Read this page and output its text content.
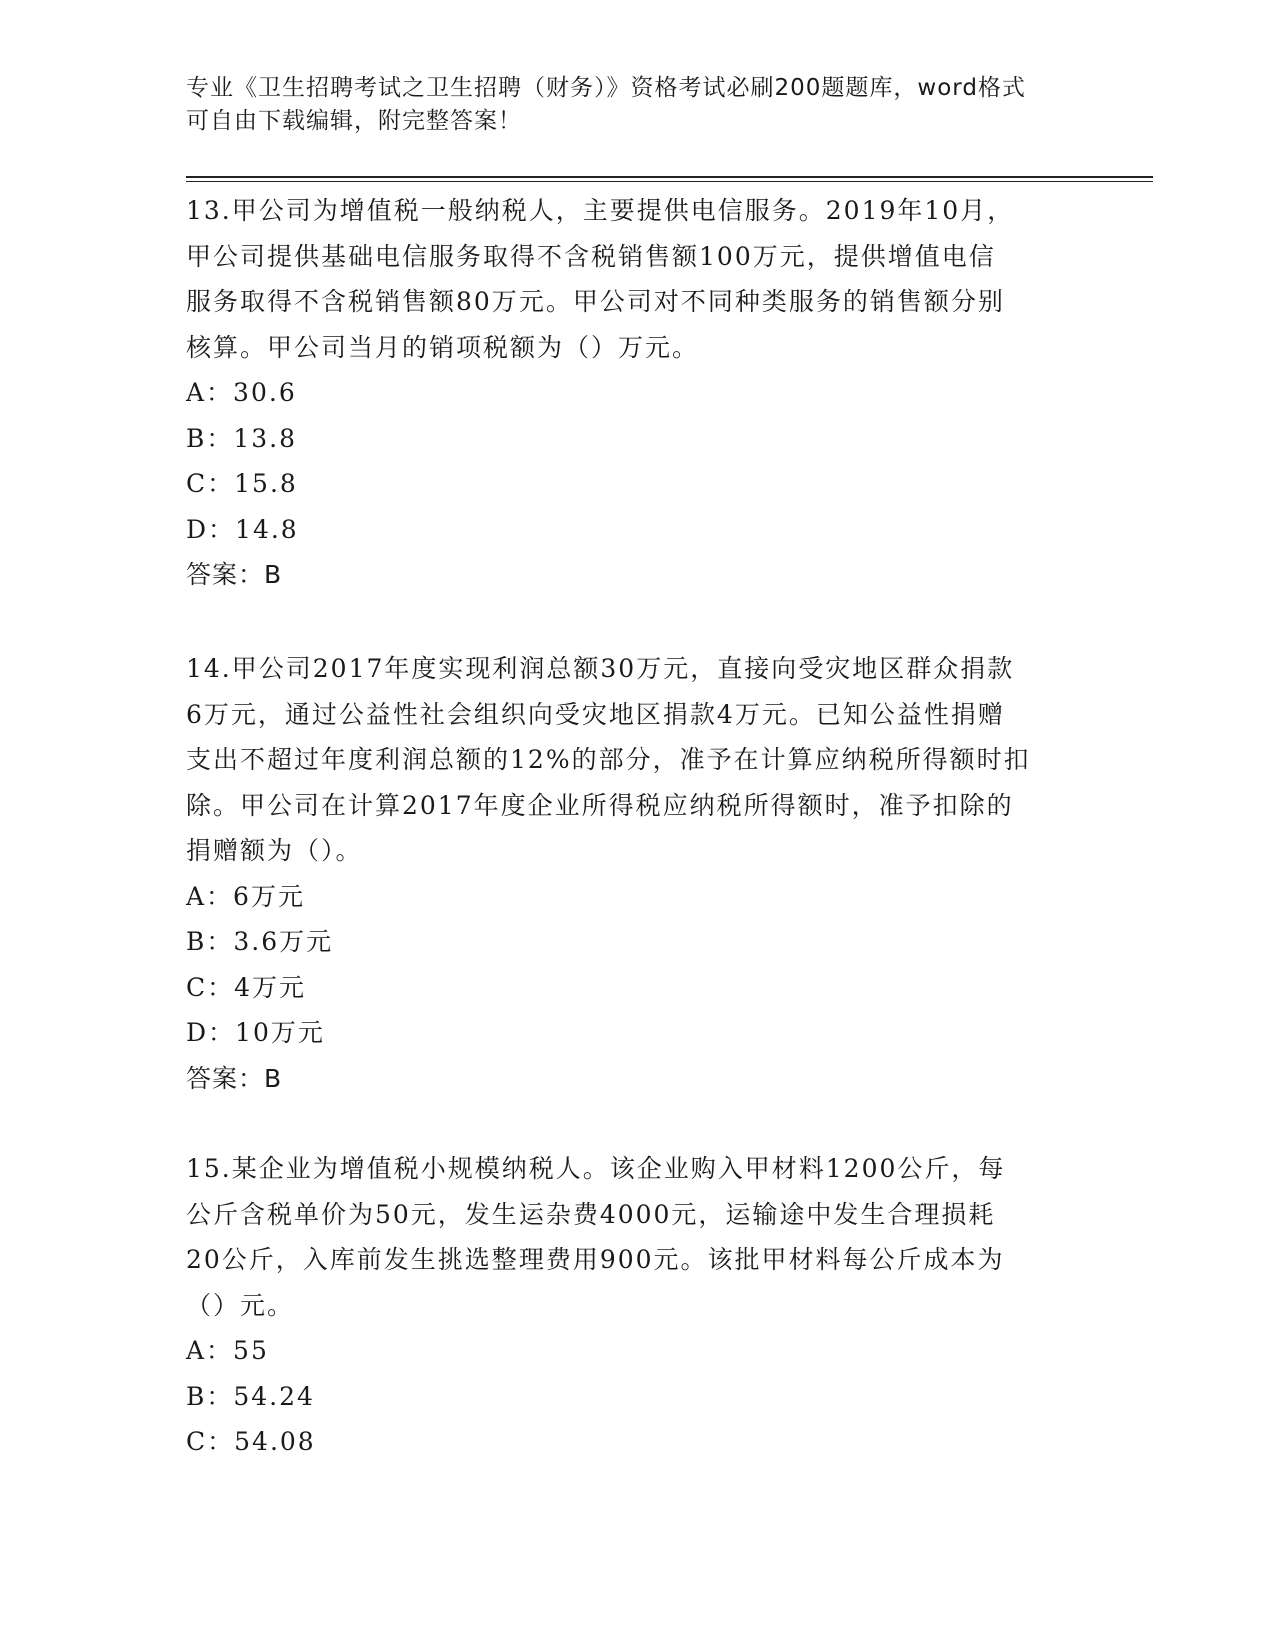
专业《卫生招聘考试之卫生招聘（财务）》资格考试必刷200题题库，word格式
可自由下载编辑，附完整答案！
13.甲公司为增值税一般纳税人，主要提供电信服务。2019年10月，
甲公司提供基础电信服务取得不含税销售额100万元，提供增值电信
服务取得不含税销售额80万元。甲公司对不同种类服务的销售额分别
核算。甲公司当月的销项税额为（）万元。
A：30.6
B：13.8
C：15.8
D：14.8
答案：B
14.甲公司2017年度实现利润总额30万元，直接向受灾地区群众捐款
6万元，通过公益性社会组织向受灾地区捐款4万元。已知公益性捐赠
支出不超过年度利润总额的12%的部分，准予在计算应纳税所得额时扣
除。甲公司在计算2017年度企业所得税应纳税所得额时，准予扣除的
捐赠额为（）。
A：6万元
B：3.6万元
C：4万元
D：10万元
答案：B
15.某企业为增值税小规模纳税人。该企业购入甲材料1200公斤，每
公斤含税单价为50元，发生运杂费4000元，运输途中发生合理损耗
20公斤，入库前发生挑选整理费用900元。该批甲材料每公斤成本为
（）元。
A：55
B：54.24
C：54.08
